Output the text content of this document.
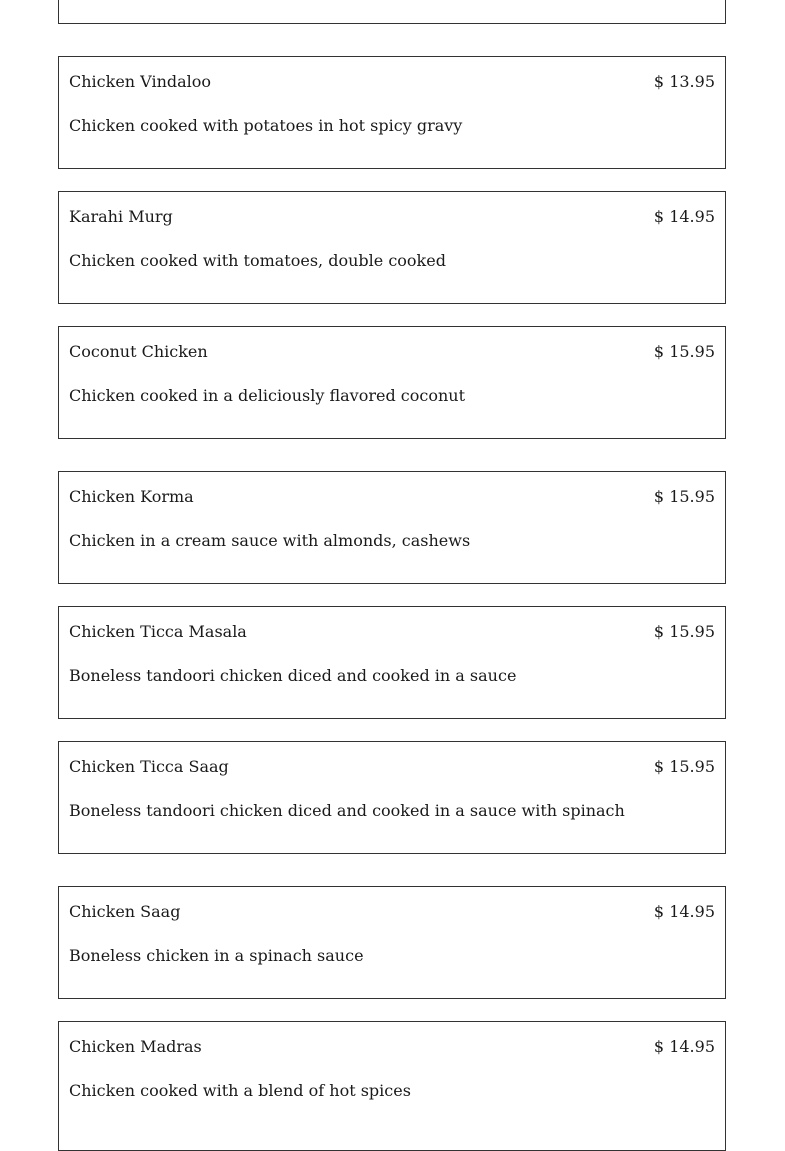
Chicken Vindaloo	$ 13.95
Chicken cooked with potatoes in hot spicy gravy
Karahi Murg	$ 14.95
Chicken cooked with tomatoes, double cooked
Coconut Chicken	$ 15.95
Chicken cooked in a deliciously flavored coconut
Chicken Korma	$ 15.95
Chicken in a cream sauce with almonds, cashews
Chicken Ticca Masala	$ 15.95
Boneless tandoori chicken diced and cooked in a sauce
Chicken Ticca Saag	$ 15.95
Boneless tandoori chicken diced and cooked in a sauce with spinach
Chicken Saag	$ 14.95
Boneless chicken in a spinach sauce
Chicken Madras	$ 14.95
Chicken cooked with a blend of hot spices
